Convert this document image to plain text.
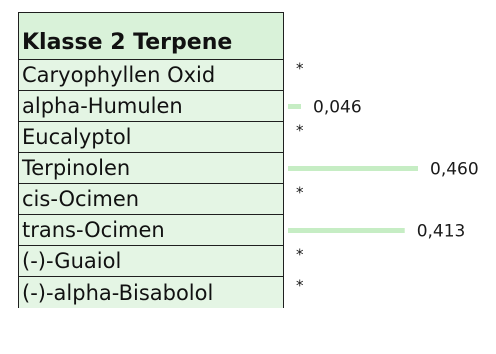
Klasse 2 Terpene
Caryophyllen Oxid
alpha-Humulen
Eucalyptol
Terpinolen
cis-Ocimen
trans-Ocimen
(-)-Guaiol
(-)-alpha-Bisabolol
*
0,046
*
0,460
*
0,413
*
*
